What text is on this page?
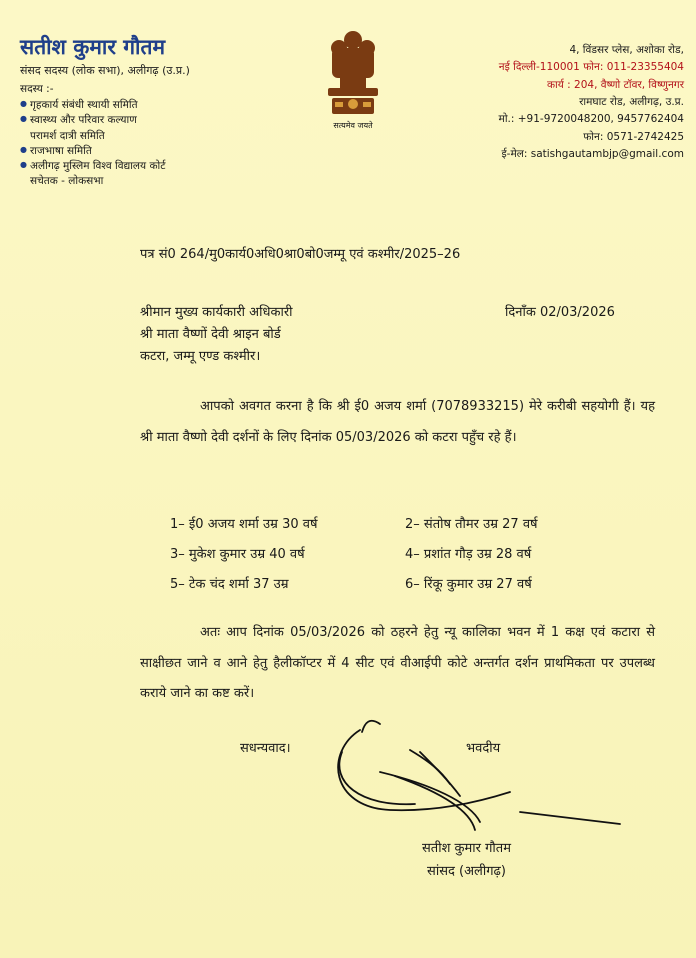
सतीश कुमार गौतम
संसद सदस्य (लोक सभा), अलीगढ़ (उ.प्र.)
सदस्य :-
● गृहकार्य संबंधी स्थायी समिति
● स्वास्थ्य और परिवार कल्याण
परामर्श दात्री समिति
● राजभाषा समिति
● अलीगढ़ मुस्लिम विश्व विद्यालय कोर्ट
सचेतक - लोकसभा
सत्यमेव जयते
4, विंडसर प्लेस, अशोका रोड,
नई दिल्ली-110001 फोन: 011-23355404
कार्य : 204, वैष्णो टॉवर, विष्णुनगर
रामघाट रोड, अलीगढ़, उ.प्र.
मो.: +91-9720048200, 9457762404
फोन: 0571-2742425
ई-मेल: satishgautambjp@gmail.com
पत्र सं0 264/मु0कार्य0अधि0श्रा0बो0जम्मू एवं कश्मीर/2025–26
श्रीमान मुख्य कार्यकारी अधिकारी
श्री माता वैष्णों देवी श्राइन बोर्ड
कटरा, जम्मू एण्ड कश्मीर।
दिनॉंक 02/03/2026
आपको अवगत करना है कि श्री ई0 अजय शर्मा (7078933215) मेरे करीबी सहयोगी हैं। यह श्री माता वैष्णो देवी दर्शनों के लिए दिनांक 05/03/2026 को कटरा पहुँच रहे हैं।
1– ई0 अजय शर्मा उम्र 30 वर्ष	2– संतोष तौमर उम्र 27 वर्ष
3– मुकेश कुमार उम्र 40 वर्ष	4– प्रशांत गौड़ उम्र 28 वर्ष
5– टेक चंद शर्मा 37 उम्र	6– रिंकू कुमार उम्र 27 वर्ष
अतः आप दिनांक 05/03/2026 को ठहरने हेतु न्यू कालिका भवन में 1 कक्ष एवं कटारा से साक्षीछत जाने व आने हेतु हैलीकॉप्टर में 4 सीट एवं वीआईपी कोटे अन्तर्गत दर्शन प्राथमिकता पर उपलब्ध कराये जाने का कष्ट करें।
सधन्यवाद।	भवदीय
सतीश कुमार गौतम
सांसद (अलीगढ़)
